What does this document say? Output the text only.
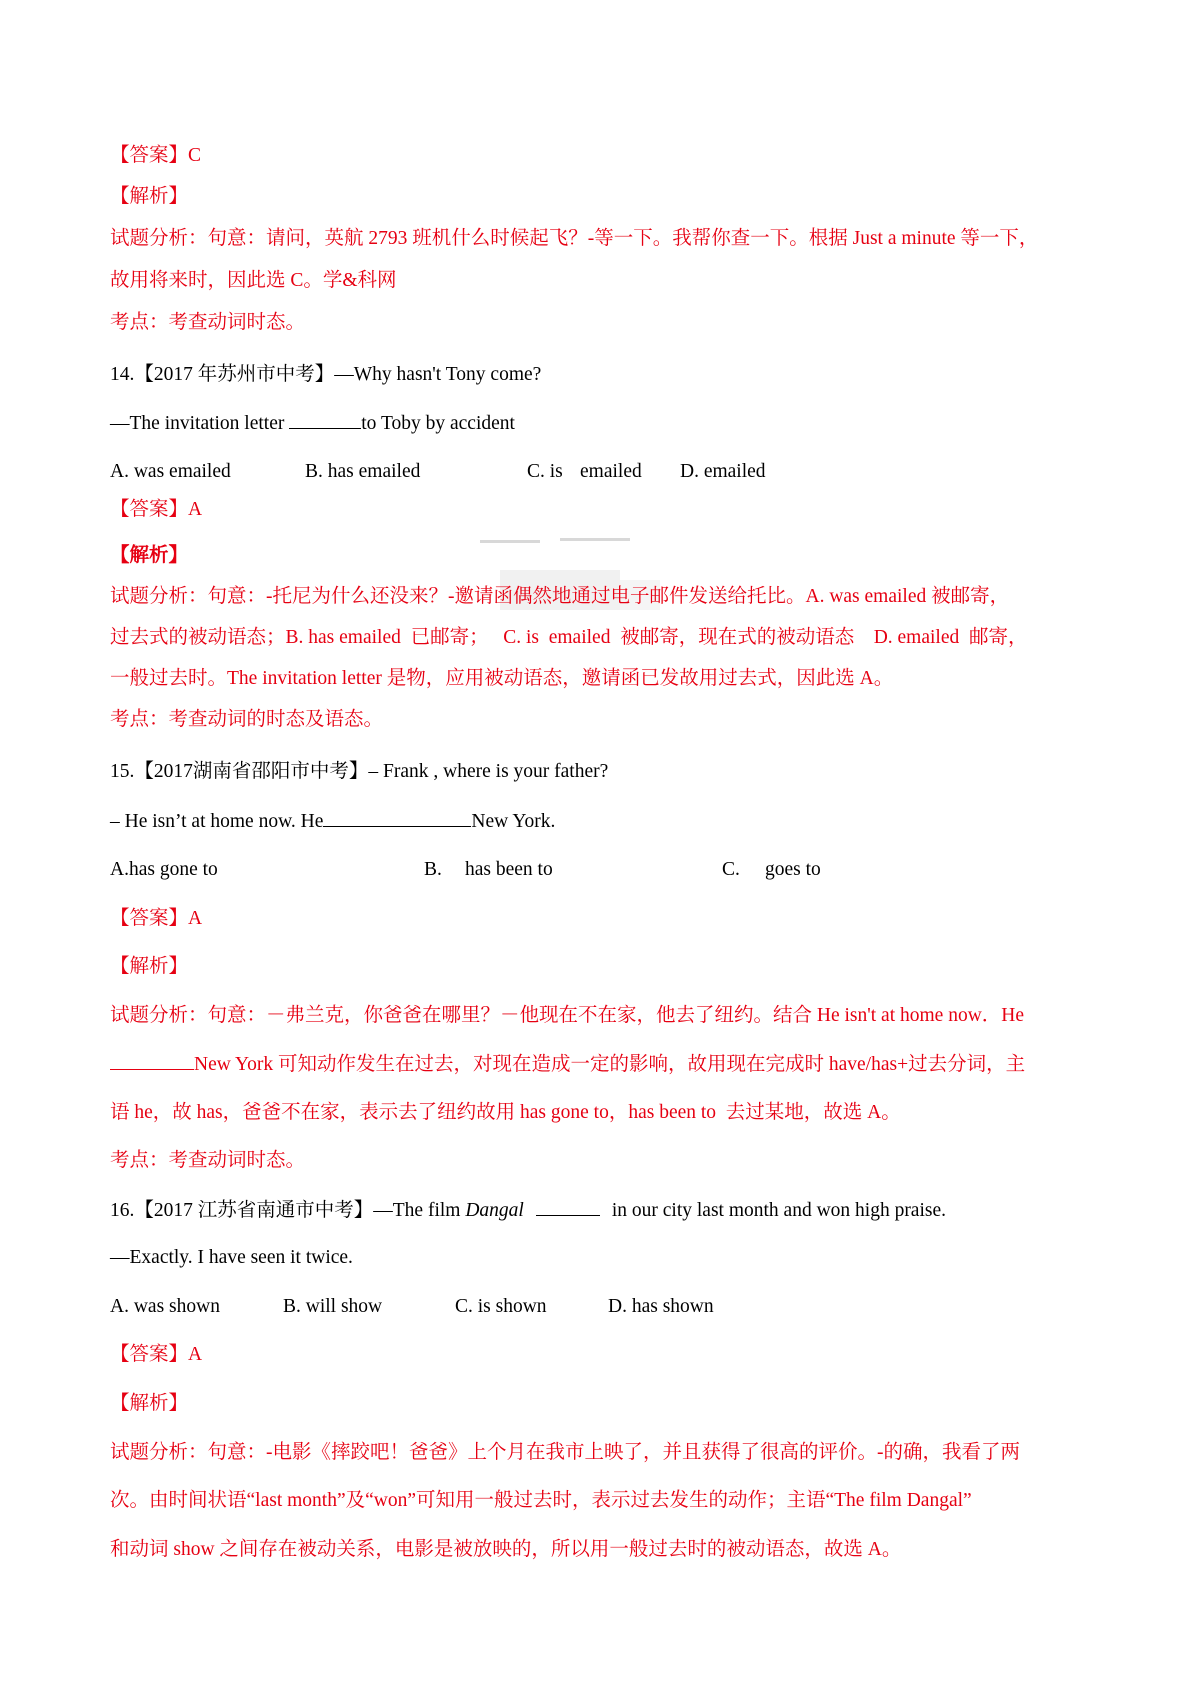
【答案】C
【解析】
试题分析：句意：请问，英航 2793 班机什么时候起飞？-等一下。我帮你查一下。根据 Just a minute 等一下，
故用将来时，因此选 C。学&科网
考点：考查动词时态。
14.【2017 年苏州市中考】—Why hasn't Tony come?
—The invitation letter	to Toby by accident
A. was emailed	B. has emailed	C. is emailed D. emailed
【答案】A
【解析】
试题分析：句意：-托尼为什么还没来？-邀请函偶然地通过电子邮件发送给托比。A. was emailed 被邮寄，
过去式的被动语态；B. has emailed  已邮寄；   C. is  emailed  被邮寄，现在式的被动语态    D. emailed  邮寄，
一般过去时。The invitation letter 是物，应用被动语态，邀请函已发故用过去式，因此选 A。
考点：考查动词的时态及语态。
15.【2017湖南省邵阳市中考】– Frank , where is your father?
– He isn’t at home now. He	New York.
A.has gone to	B. has been to	C. goes to
【答案】A
【解析】
试题分析：句意：－弗兰克，你爸爸在哪里？－他现在不在家，他去了纽约。结合 He isn't at home now．He
New York 可知动作发生在过去，对现在造成一定的影响，故用现在完成时 have/has+过去分词，主
语 he，故 has，爸爸不在家，表示去了纽约故用 has gone to，has been to  去过某地，故选 A。
考点：考查动词时态。
16.【2017 江苏省南通市中考】—The film Dangal	in our city last month and won high praise.
—Exactly. I have seen it twice.
A. was shown	B. will show	C. is shown	D. has shown
【答案】A
【解析】
试题分析：句意：-电影《摔跤吧！爸爸》上个月在我市上映了，并且获得了很高的评价。-的确，我看了两
次。由时间状语“last month”及“won”可知用一般过去时，表示过去发生的动作；主语“The film Dangal”
和动词 show 之间存在被动关系，电影是被放映的，所以用一般过去时的被动语态，故选 A。
